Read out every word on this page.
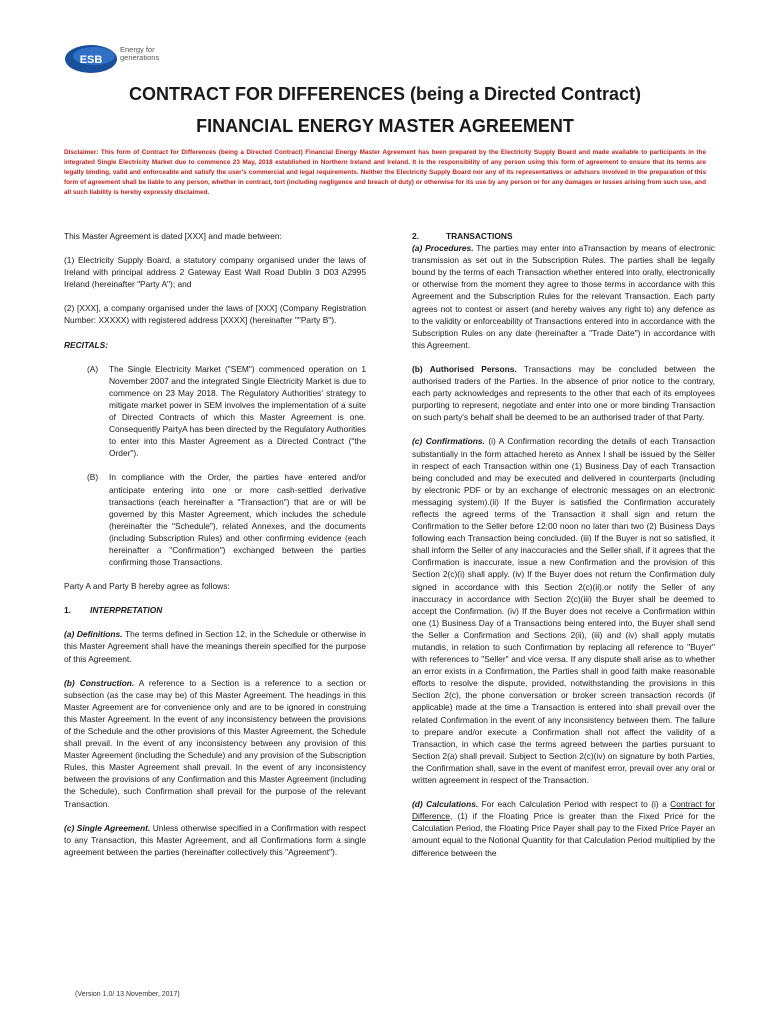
ESB
Energy for generations
CONTRACT FOR DIFFERENCES (being a Directed Contract)
FINANCIAL ENERGY MASTER AGREEMENT
Disclaimer: This form of Contract for Differences (being a Directed Contract) Financial Energy Master Agreement has been prepared by the Electricity Supply Board and made available to participants in the integrated Single Electricity Market due to commence 23 May, 2018 established in Northern Ireland and Ireland. It is the responsibility of any person using this form of agreement to ensure that its terms are legally binding, valid and enforceable and satisfy the user's commercial and legal requirements. Neither the Electricity Supply Board nor any of its representatives or advisors involved in the preparation of this form of agreement shall be liable to any person, whether in contract, tort (including negligence and breach of duty) or otherwise for its use by any person or for any damages or losses arising from such use, and all such liability is hereby expressly disclaimed.

This Master Agreement is dated [XXX] and made between:

(1) Electricity Supply Board, a statutory company organised under the laws of Ireland with principal address 2 Gateway East Wall Road Dublin 3 D03 A2995 Ireland (hereinafter "Party A"); and

(2) [XXX], a company organised under the laws of [XXX] (Company Registration Number: XXXXX) with registered address [XXXX] (hereinafter ""Party B").

RECITALS:

(A)	The Single Electricity Market ("SEM") commenced operation on 1 November 2007 and the integrated Single Electricity Market is due to commence on 23 May 2018. The Regulatory Authorities' strategy to mitigate market power in SEM involves the implementation of a suite of Directed Contracts of which this Master Agreement is one. Consequently PartyA has been directed by the Regulatory Authorities to enter into this Master Agreement as a Directed Contract ("the Order").
(B)	In compliance with the Order, the parties have entered and/or anticipate entering into one or more cash-settled derivative transactions (each hereinafter a "Transaction") that are or will be governed by this Master Agreement, which includes the schedule (hereinafter the "Schedule"), related Annexes, and the documents (including Subscription Rules) and other confirming evidence (each hereinafter a "Confirmation") exchanged between the parties confirming those Transactions.

Party A and Party B hereby agree as follows:

1.	INTERPRETATION

(a) Definitions. The terms defined in Section 12, in the Schedule or otherwise in this Master Agreement shall have the meanings therein specified for the purpose of this Agreement.

(b) Construction. A reference to a Section is a reference to a section or subsection (as the case may be) of this Master Agreement. The headings in this Master Agreement are for convenience only and are to be ignored in construing this Master Agreement. In the event of any inconsistency between the provisions of the Schedule and the other provisions of this Master Agreement, the Schedule shall prevail. In the event of any inconsistency between any provision of this Master Agreement (including the Schedule) and any provision of the Subscription Rules, this Master Agreement shall prevail. In the event of any inconsistency between the provisions of any Confirmation and this Master Agreement (including the Schedule), such Confirmation shall prevail for the purpose of the relevant Transaction.

(c) Single Agreement. Unless otherwise specified in a Confirmation with respect to any Transaction, this Master Agreement, and all Confirmations form a single agreement between the parties (hereinafter collectively this "Agreement").

2.	TRANSACTIONS

(a) Procedures. The parties may enter into aTransaction by means of electronic transmission as set out in the Subscription Rules. The parties shall be legally bound by the terms of each Transaction whether entered into orally, electronically or otherwise from the moment they agree to those terms in accordance with this Agreement and the Subscription Rules for the relevant Transaction. Each party agrees not to contest or assert (and hereby waives any right to) any defence as to the validity or enforceability of Transactions entered into in accordance with the Subscription Rules on any date (hereinafter a "Trade Date") in accordance with this Agreement.

(b) Authorised Persons. Transactions may be concluded between the authorised traders of the Parties. In the absence of prior notice to the contrary, each party acknowledges and represents to the other that each of its employees purporting to represent, negotiate and enter into one or more binding Transaction on such party's behalf shall be deemed to be an authorised trader of that Party.

(c) Confirmations. (i) A Confirmation recording the details of each Transaction substantially in the form attached hereto as Annex I shall be issued by the Seller in respect of each Transaction within one (1) Business Day of each Transaction being concluded and may be executed and delivered in counterparts (including by electronic PDF or by an exchange of electronic messages on an electronic messaging system).(ii) If the Buyer is satisfied the Confirmation accurately reflects the agreed terms of the Transaction it shall sign and return the Confirmation to the Seller before 12:00 noon no later than two (2) Business Days following each Transaction being concluded. (iii) If the Buyer is not so satisfied, it shall inform the Seller of any inaccuracies and the Seller shall, if it agrees that the Confirmation is inaccurate, issue a new Confirmation and the provision of this Section 2(c)(i) shall apply. (iv) If the Buyer does not return the Confirmation duly signed in accordance with this Section 2(c)(ii).or notify the Seller of any inaccuracy in accordance with Section 2(c)(iii) the Buyer shall be deemed to accept the Confirmation. (iv) If the Buyer does not receive a Confirmation within one (1) Business Day of a Transactions being entered into, the Buyer shall send the Seller a Confirmation and Sections 2(ii), (iii) and (iv) shall apply mutatis mutandis, in relation to such Confirmation by replacing all reference to "Buyer" with references to "Seller" and vice versa. If any dispute shall arise as to whether an error exists in a Confirmation, the Parties shall in good faith make reasonable efforts to resolve the dispute, provided, notwithstanding the provisions in this Section 2(c), the phone conversation or broker screen transaction records (if applicable) made at the time a Transaction is entered into shall prevail over the related Confirmation in the event of any inconsistency between them. The failure to prepare and/or execute a Confirmation shall not affect the validity of a Transaction, in which case the terms agreed between the parties pursuant to Section 2(a) shall prevail. Subject to Section 2(c)(iv) on signature by both Parties, the Confirmation shall, save in the event of manifest error, prevail over any oral or written agreement in respect of the Transaction.

(d) Calculations. For each Calculation Period with respect to (i) a Contract for Difference, (1) if the Floating Price is greater than the Fixed Price for the Calculation Period, the Floating Price Payer shall pay to the Fixed Price Payer an amount equal to the Notional Quantity for that Calculation Period multiplied by the difference between the

(Version 1.0/ 13 November, 2017)
